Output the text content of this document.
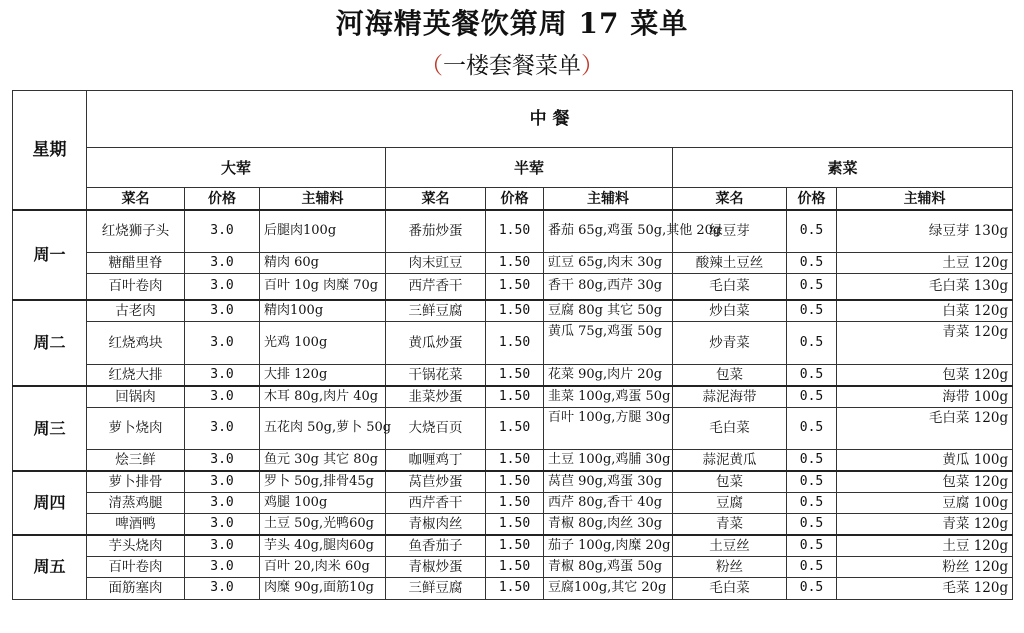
河海精英餐饮第周 17 菜单
（一楼套餐菜单）
星期	中 餐								
	大荤			半荤			素菜		
	菜名	价格	主辅料	菜名	价格	主辅料	菜名	价格	主辅料
周一	红烧狮子头	3.0	后腿肉100g	番茄炒蛋	1.50	番茄 65g,鸡蛋 50g,其他 20g	绿豆芽	0.5	绿豆芽 130g
	糖醋里脊	3.0	精肉 60g	肉末豇豆	1.50	豇豆 65g,肉末 30g	酸辣土豆丝	0.5	土豆 120g
	百叶卷肉	3.0	百叶 10g 肉糜 70g	西芹香干	1.50	香干 80g,西芹 30g	毛白菜	0.5	毛白菜 130g
周二	古老肉	3.0	精肉100g	三鲜豆腐	1.50	豆腐 80g 其它 50g	炒白菜	0.5	白菜 120g
	红烧鸡块	3.0	光鸡 100g	黄瓜炒蛋	1.50	黄瓜 75g,鸡蛋 50g	炒青菜	0.5	青菜 120g
	红烧大排	3.0	大排 120g	干锅花菜	1.50	花菜 90g,肉片 20g	包菜	0.5	包菜 120g
周三	回锅肉	3.0	木耳 80g,肉片 40g	韭菜炒蛋	1.50	韭菜 100g,鸡蛋 50g	蒜泥海带	0.5	海带 100g
	萝卜烧肉	3.0	五花肉 50g,萝卜 50g	大烧百页	1.50	百叶 100g,方腿 30g	毛白菜	0.5	毛白菜 120g
	烩三鲜	3.0	鱼元 30g 其它 80g	咖喱鸡丁	1.50	土豆 100g,鸡脯 30g	蒜泥黄瓜	0.5	黄瓜 100g
周四	萝卜排骨	3.0	罗卜 50g,排骨45g	莴苣炒蛋	1.50	莴苣 90g,鸡蛋 30g	包菜	0.5	包菜 120g
	清蒸鸡腿	3.0	鸡腿 100g	西芹香干	1.50	西芹 80g,香干 40g	豆腐	0.5	豆腐 100g
	啤酒鸭	3.0	土豆 50g,光鸭60g	青椒肉丝	1.50	青椒 80g,肉丝 30g	青菜	0.5	青菜 120g
周五	芋头烧肉	3.0	芋头 40g,腿肉60g	鱼香茄子	1.50	茄子 100g,肉糜 20g	土豆丝	0.5	土豆 120g
	百叶卷肉	3.0	百叶 20,肉米 60g	青椒炒蛋	1.50	青椒 80g,鸡蛋 50g	粉丝	0.5	粉丝 120g
	面筋塞肉	3.0	肉糜 90g,面筋10g	三鲜豆腐	1.50	豆腐100g,其它 20g	毛白菜	0.5	毛菜 120g
